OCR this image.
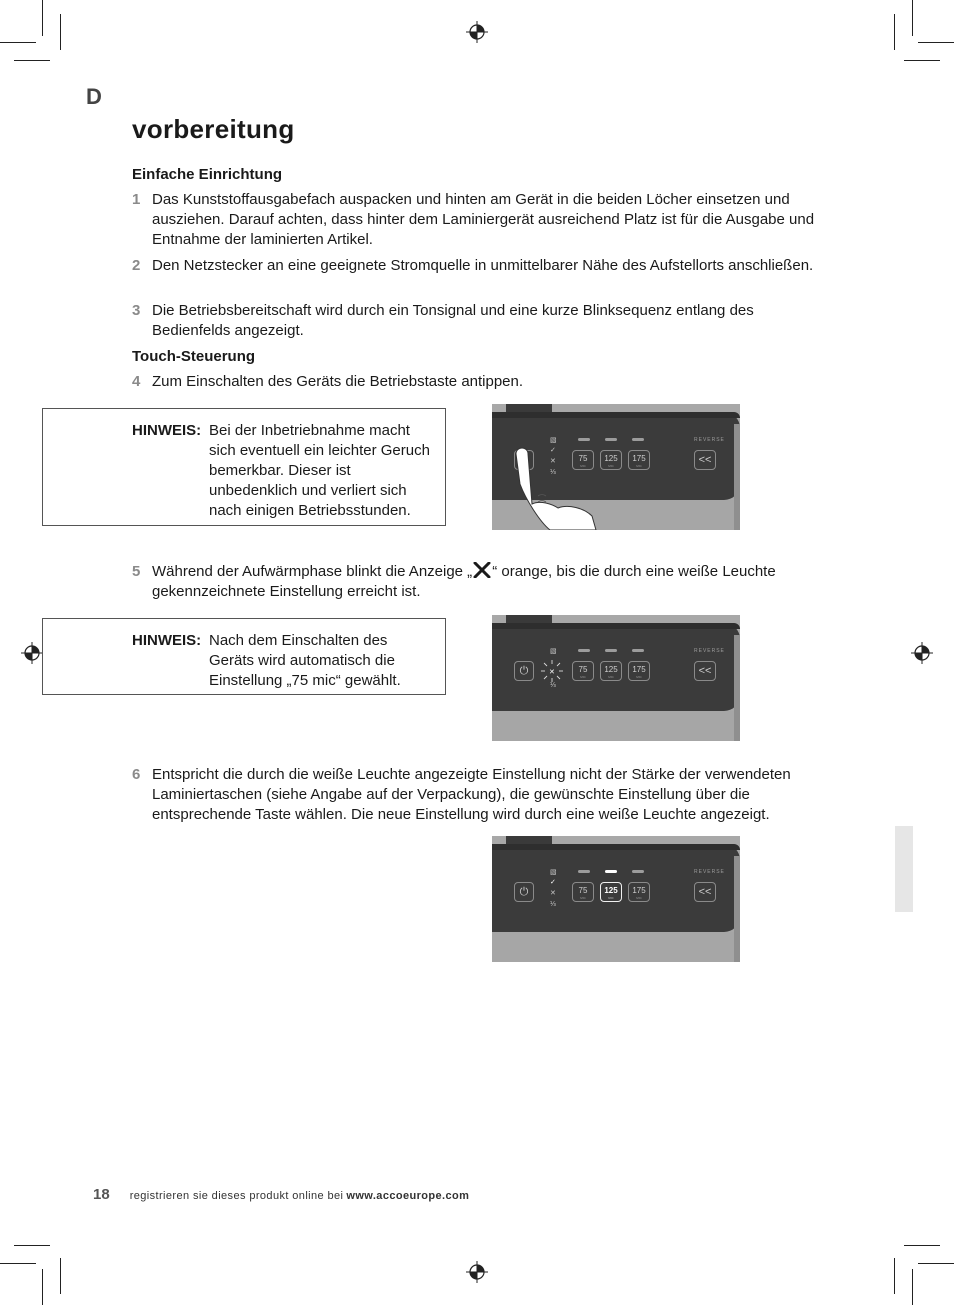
D
vorbereitung
Einfache Einrichtung
1 Das Kunststoffausgabefach auspacken und hinten am Gerät in die beiden Löcher einsetzen und ausziehen. Darauf achten, dass hinter dem Laminiergerät ausreichend Platz ist für die Ausgabe und Entnahme der laminierten Artikel.
2 Den Netzstecker an eine geeignete Stromquelle in unmittelbarer Nähe des Aufstellorts anschließen.
3 Die Betriebsbereitschaft wird durch ein Tonsignal und eine kurze Blinksequenz entlang des Bedienfelds angezeigt.
Touch-Steuerung
4 Zum Einschalten des Geräts die Betriebstaste antippen.
HINWEIS: Bei der Inbetriebnahme macht sich eventuell ein leichter Geruch bemerkbar. Dieser ist unbedenklich und verliert sich nach einigen Betriebsstunden.
▧
✓
✕
⅓
75
MIC
125
MIC
175
MIC
REVERSE
<<
5 Während der Aufwärmphase blinkt die Anzeige „ “ orange, bis die durch eine weiße Leuchte gekennzeichnete Einstellung erreicht ist.
HINWEIS: Nach dem Einschalten des Geräts wird automatisch die Einstellung „75 mic“ gewählt.
⏻
▧
✕
⅓
75
MIC
125
MIC
175
MIC
REVERSE
<<
6 Entspricht die durch die weiße Leuchte angezeigte Einstellung nicht der Stärke der verwendeten Laminiertaschen (siehe Angabe auf der Verpackung), die gewünschte Einstellung über die entsprechende Taste wählen. Die neue Einstellung wird durch eine weiße Leuchte angezeigt.
⏻
▧
✓
✕
⅓
75
MIC
125
MIC
175
MIC
REVERSE
<<
18 registrieren sie dieses produkt online bei www.accoeurope.com
